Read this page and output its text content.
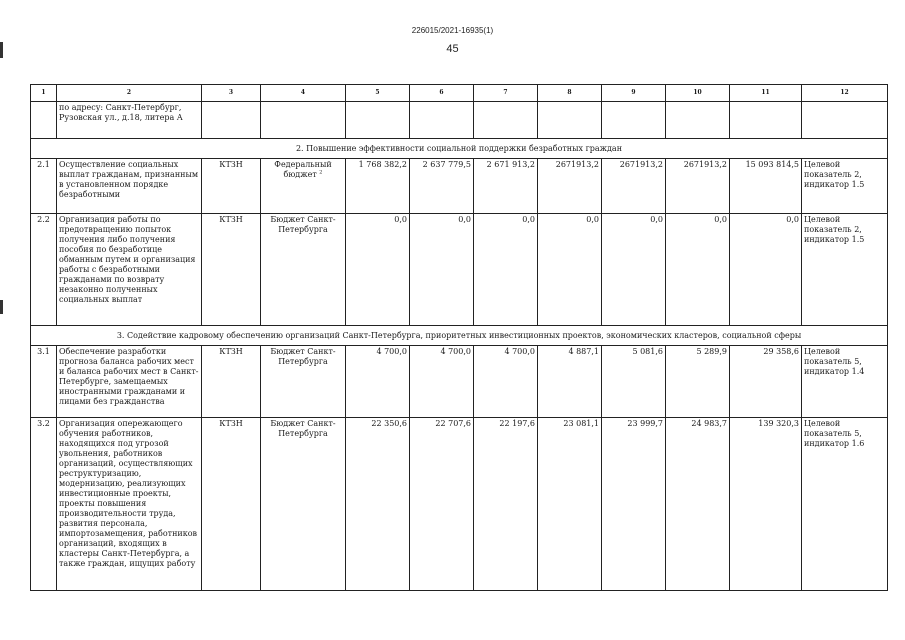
226015/2021-16935(1)
45
1	2	3	4	5	6	7	8	9	10	11	12
	по адресу: Санкт-Петербург, Рузовская ул., д.18, литера А										
2. Повышение эффективности социальной поддержки безработных граждан											
2.1	Осуществление социальных выплат гражданам, признанным в установленном порядке безработными	КТЗН	Федеральный бюджет $^2$	1 768 382,2	2 637 779,5	2 671 913,2	2671913,2	2671913,2	2671913,2	15 093 814,5	Целевой показатель 2, индикатор 1.5
2.2	Организация работы по предотвращению попыток получения либо получения пособия по безработице обманным путем и организация работы с безработными гражданами по возврату незаконно полученных социальных выплат	КТЗН	Бюджет Санкт-Петербурга	0,0	0,0	0,0	0,0	0,0	0,0	0,0	Целевой показатель 2, индикатор 1.5
3. Содействие кадровому обеспечению организаций Санкт-Петербурга, приоритетных инвестиционных проектов, экономических кластеров, социальной сферы											
3.1	Обеспечение разработки прогноза баланса рабочих мест и баланса рабочих мест в Санкт-Петербурге, замещаемых иностранными гражданами и лицами без гражданства	КТЗН	Бюджет Санкт-Петербурга	4 700,0	4 700,0	4 700,0	4 887,1	5 081,6	5 289,9	29 358,6	Целевой показатель 5, индикатор 1.4
3.2	Организация опережающего обучения работников, находящихся под угрозой увольнения, работников организаций, осуществляющих реструктуризацию, модернизацию, реализующих инвестиционные проекты, проекты повышения производительности труда, развития персонала, импортозамещения, работников организаций, входящих в кластеры Санкт-Петербурга, а также граждан, ищущих работу	КТЗН	Бюджет Санкт-Петербурга	22 350,6	22 707,6	22 197,6	23 081,1	23 999,7	24 983,7	139 320,3	Целевой показатель 5, индикатор 1.6
